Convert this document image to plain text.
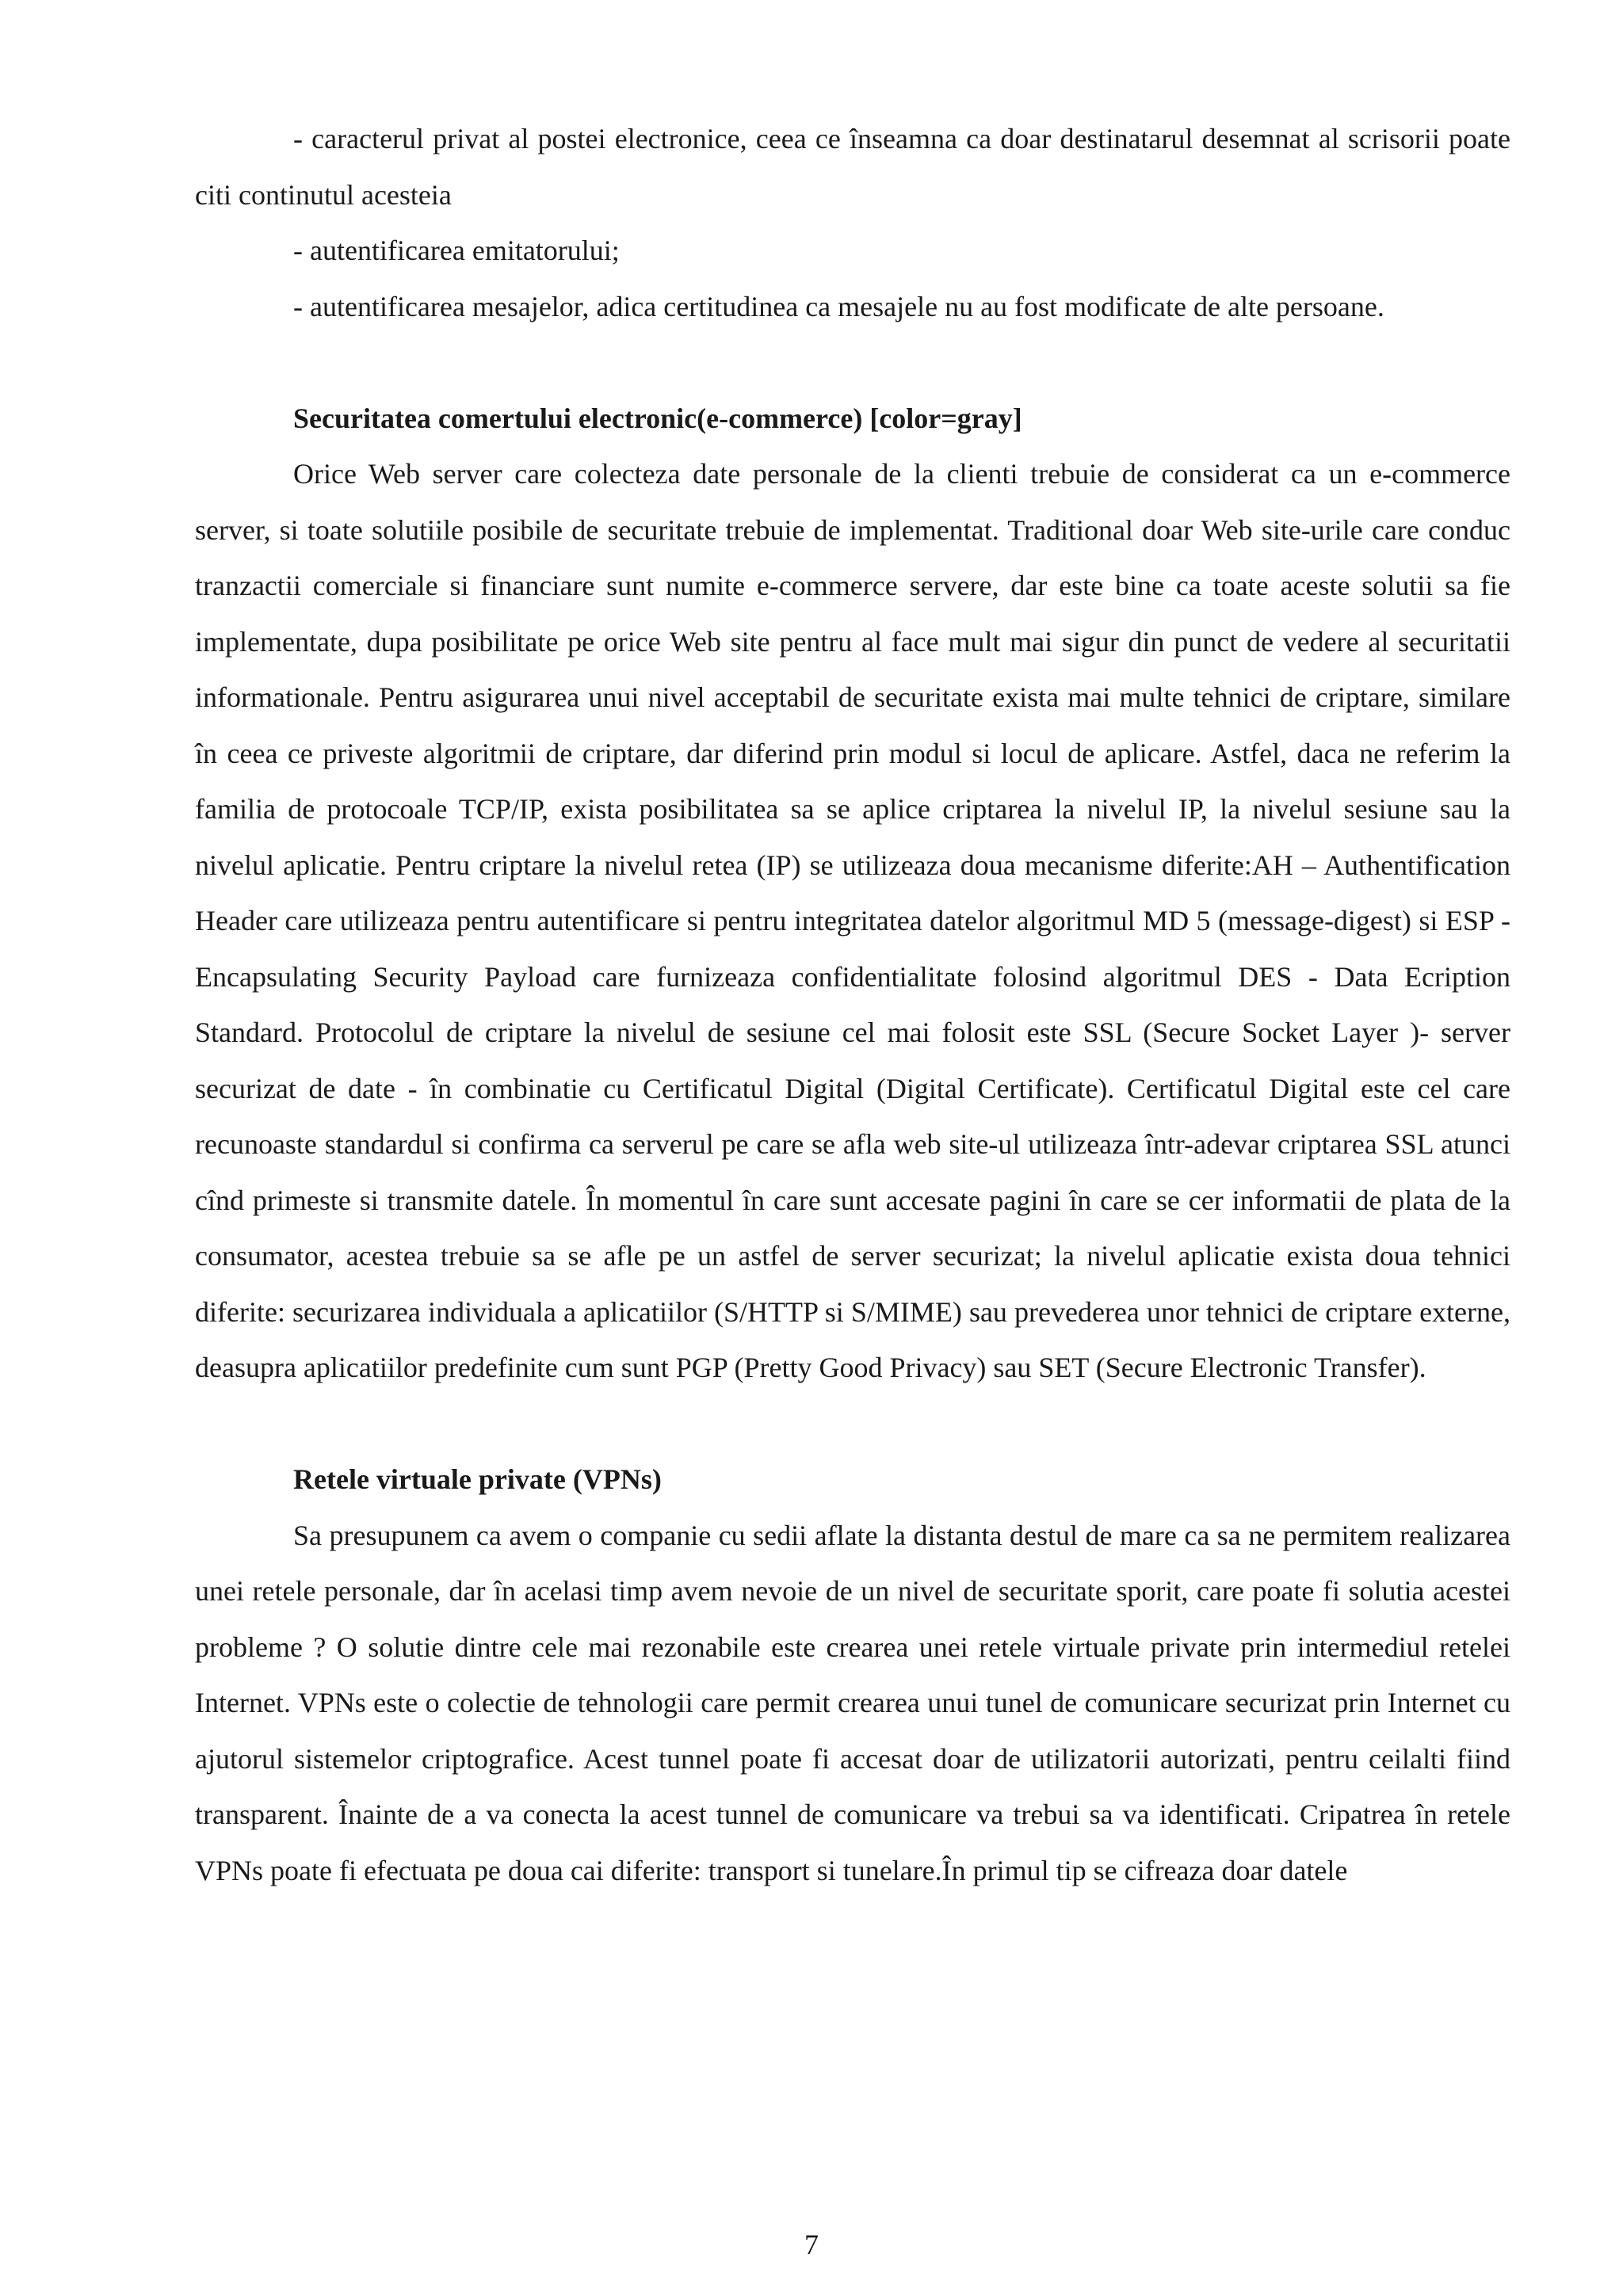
- caracterul privat al postei electronice, ceea ce înseamna ca doar destinatarul desemnat al scrisorii poate citi continutul acesteia

- autentificarea emitatorului;

- autentificarea mesajelor, adica certitudinea ca mesajele nu au fost modificate de alte persoane.

Securitatea comertului electronic(e-commerce) [color=gray]

Orice Web server care colecteza date personale de la clienti trebuie de considerat ca un e-commerce server, si toate solutiile posibile de securitate trebuie de implementat. Traditional doar Web site-urile care conduc tranzactii comerciale si financiare sunt numite e-commerce servere, dar este bine ca toate aceste solutii sa fie implementate, dupa posibilitate pe orice Web site pentru al face mult mai sigur din punct de vedere al securitatii informationale. Pentru asigurarea unui nivel acceptabil de securitate exista mai multe tehnici de criptare, similare în ceea ce priveste algoritmii de criptare, dar diferind prin modul si locul de aplicare. Astfel, daca ne referim la familia de protocoale TCP/IP, exista posibilitatea sa se aplice criptarea la nivelul IP, la nivelul sesiune sau la nivelul aplicatie. Pentru criptare la nivelul retea (IP) se utilizeaza doua mecanisme diferite:AH – Authentification Header care utilizeaza pentru autentificare si pentru integritatea datelor algoritmul MD 5 (message-digest) si ESP - Encapsulating Security Payload care furnizeaza confidentialitate folosind algoritmul DES - Data Ecription Standard. Protocolul de criptare la nivelul de sesiune cel mai folosit este SSL (Secure Socket Layer )- server securizat de date - în combinatie cu Certificatul Digital (Digital Certificate). Certificatul Digital este cel care recunoaste standardul si confirma ca serverul pe care se afla web site-ul utilizeaza într-adevar criptarea SSL atunci cînd primeste si transmite datele. În momentul în care sunt accesate pagini în care se cer informatii de plata de la consumator, acestea trebuie sa se afle pe un astfel de server securizat; la nivelul aplicatie exista doua tehnici diferite: securizarea individuala a aplicatiilor (S/HTTP si S/MIME) sau prevederea unor tehnici de criptare externe, deasupra aplicatiilor predefinite cum sunt PGP (Pretty Good Privacy) sau SET (Secure Electronic Transfer).

Retele virtuale private (VPNs)

Sa presupunem ca avem o companie cu sedii aflate la distanta destul de mare ca sa ne permitem realizarea unei retele personale, dar în acelasi timp avem nevoie de un nivel de securitate sporit, care poate fi solutia acestei probleme ? O solutie dintre cele mai rezonabile este crearea unei retele virtuale private prin intermediul retelei Internet. VPNs este o colectie de tehnologii care permit crearea unui tunel de comunicare securizat prin Internet cu ajutorul sistemelor criptografice. Acest tunnel poate fi accesat doar de utilizatorii autorizati, pentru ceilalti fiind transparent. Înainte de a va conecta la acest tunnel de comunicare va trebui sa va identificati. Cripatrea în retele VPNs poate fi efectuata pe doua cai diferite: transport si tunelare.În primul tip se cifreaza doar datele

7
